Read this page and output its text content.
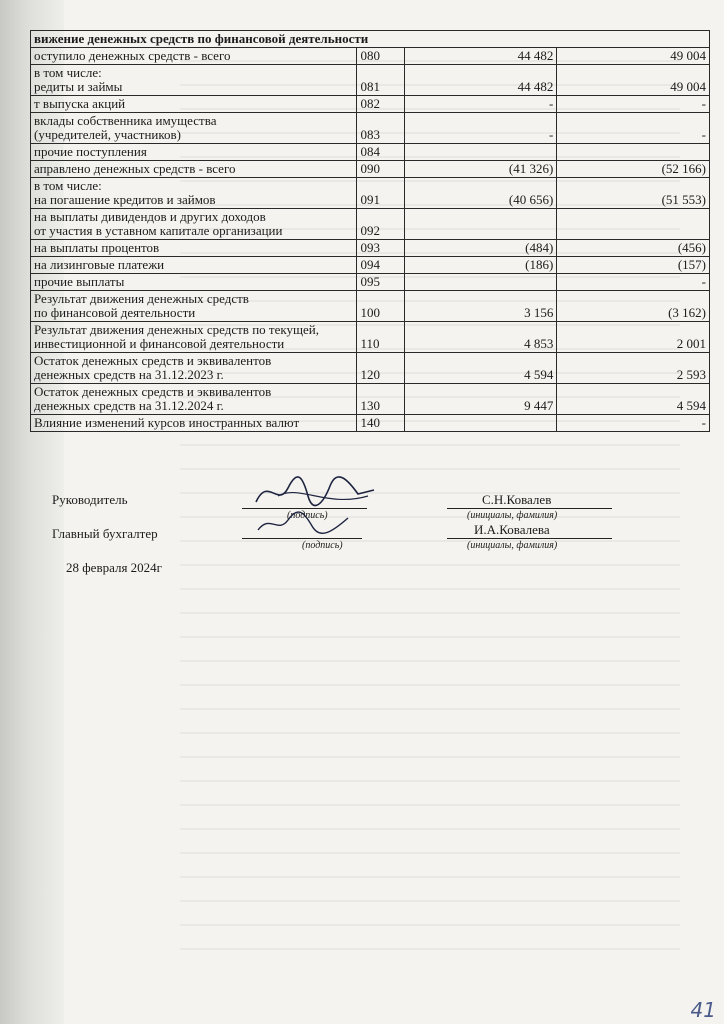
вижение денежных средств по финансовой деятельности			
оступило денежных средств - всего	080	44 482	49 004
в том числе:
редиты и займы	081	44 482	49 004
т выпуска акций	082	-	-
вклады собственника имущества
(учредителей, участников)	083	-	-
прочие поступления	084		
аправлено денежных средств - всего	090	(41 326)	(52 166)
в том числе:
на погашение кредитов и займов	091	(40 656)	(51 553)
на выплаты дивидендов и других доходов
от участия в уставном капитале организации	092		
на выплаты процентов	093	(484)	(456)
на лизинговые платежи	094	(186)	(157)
прочие выплаты	095		-
Результат движения денежных средств
по финансовой деятельности	100	3 156	(3 162)
Результат движения денежных средств по текущей,
инвестиционной и финансовой деятельности	110	4 853	2 001
Остаток денежных средств и эквивалентов
денежных средств на 31.12.2023 г.	120	4 594	2 593
Остаток денежных средств и эквивалентов
денежных средств на 31.12.2024 г.	130	9 447	4 594
Влияние изменений курсов иностранных валют	140		-
Руководитель
(подпись)
С.Н.Ковалев
(инициалы, фамилия)
Главный бухгалтер
(подпись)
И.А.Ковалева
(инициалы, фамилия)
28 февраля 2024г
41
